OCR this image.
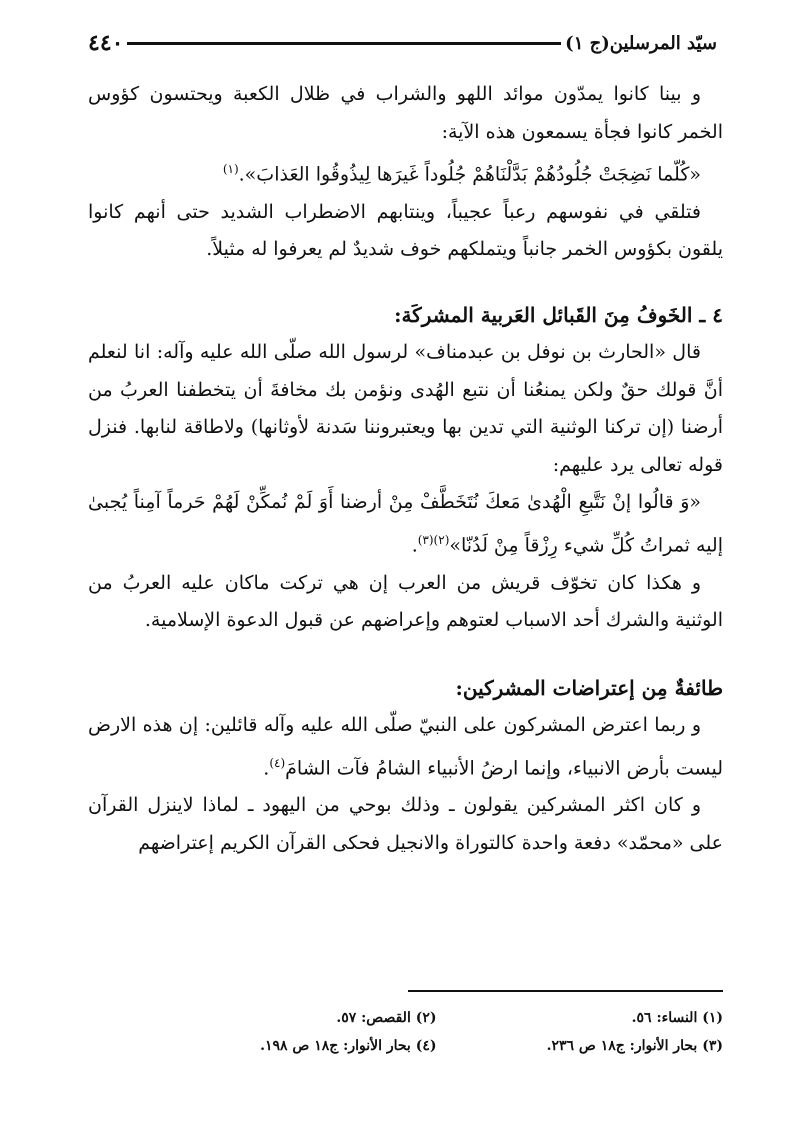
سيّد المرسلين(ج ١)
٤٤٠

و بينا كانوا يمدّون موائد اللهو والشراب في ظلال الكعبة ويحتسون كؤوس الخمر كانوا فجأة يسمعون هذه الآية:

«كُلّما نَضِجَتْ جُلُودُهُمْ بَدَّلْنَاهُمْ جُلُوداً غَيرَها لِيذُوقُوا العَذابَ».$^{(١)}$

فتلقي في نفوسهم رعباً عجيباً، وينتابهم الاضطراب الشديد حتى أنهم كانوا يلقون بكؤوس الخمر جانباً ويتملكهم خوف شديدٌ لم يعرفوا له مثيلاً.

٤ ـ الخَوفُ مِنَ القَبائل العَربية المشركَة:

قال «الحارث بن نوفل بن عبدمناف» لرسول الله صلّى الله عليه وآله: انا لنعلم أنَّ قولك حقٌ ولكن يمنعُنا أن نتبع الهُدى ونؤمن بك مخافةَ أن يتخطفنا العربُ من أرضنا (إن تركنا الوثنية التي تدين بها ويعتبروننا سَدنة لأوثانها) ولاطاقة لنابها. فنزل قوله تعالى يرد عليهم:

«وَ قالُوا إنْ نَتَّبعِ الْهُدىٰ مَعكَ نُتَخَطَّفْ مِنْ أرضنا أَوَ لَمْ نُمكِّنْ لَهُمْ حَرماً آمِناً يُجبىٰ إليه ثمراتُ كُلِّ شيء رِزْقاً مِنْ لَدُنّا»$^{(٢)(٣)}$.

و هكذا كان تخوّف قريش من العرب إن هي تركت ماكان عليه العربُ من الوثنية والشرك أحد الاسباب لعتوهم وإعراضهم عن قبول الدعوة الإسلامية.

طائفةٌ مِن إعتراضات المشركين:

و ربما اعترض المشركون على النبيّ صلّى الله عليه وآله قائلين: إن هذه الارض ليست بأرض الانبياء، وإنما ارضُ الأنبياء الشامُ فآت الشامَ$^{(٤)}$.

و كان اكثر المشركين يقولون ـ وذلك بوحي من اليهود ـ لماذا لاينزل القرآن على «محمّد» دفعة واحدة كالتوراة والانجيل فحكى القرآن الكريم إعتراضهم

(١) النساء: ٥٦.
(٢) القصص: ٥٧.
(٣) بحار الأنوار: ج١٨ ص ٢٣٦.
(٤) بحار الأنوار: ج١٨ ص ١٩٨.
